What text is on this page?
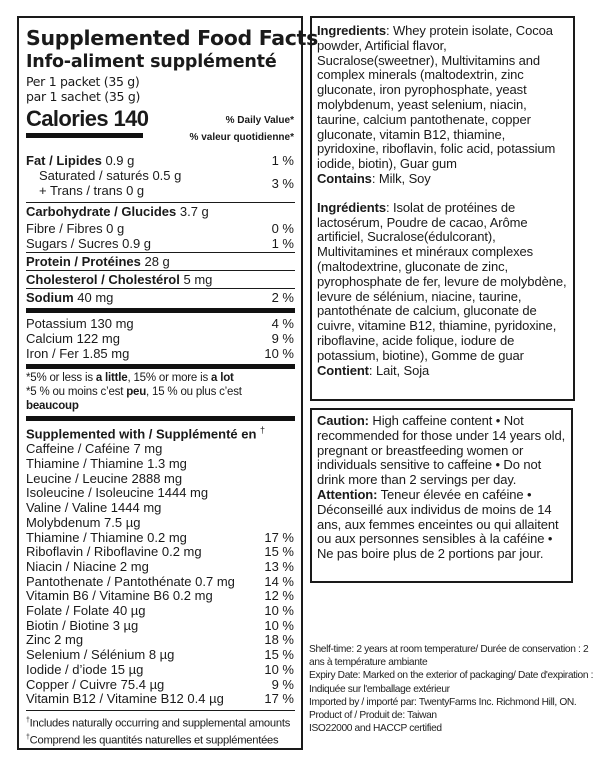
Supplemented Food Facts
Info-aliment supplémenté
Per 1 packet (35 g)
par 1 sachet (35 g)
Calories 140	% Daily Value*
% valeur quotidienne*
Fat / Lipides 0.9 g	1 %
Saturated / saturés 0.5 g
+ Trans / trans 0 g	3 %
Carbohydrate / Glucides 3.7 g
Fibre / Fibres 0 g	0 %
Sugars / Sucres 0.9 g	1 %
Protein / Protéines 28 g
Cholesterol / Cholestérol 5 mg
Sodium 40 mg	2 %
Potassium 130 mg	4 %
Calcium 122 mg	9 %
Iron / Fer 1.85 mg	10 %
*5% or less is a little, 15% or more is a lot
*5 % ou moins c’est peu, 15 % ou plus c’est beaucoup
Supplemented with / Supplémenté en †
Caffeine / Caféine 7 mg
Thiamine / Thiamine 1.3 mg
Leucine / Leucine 2888 mg
Isoleucine / Isoleucine 1444 mg
Valine / Valine 1444 mg
Molybdenum 7.5 µg
Thiamine / Thiamine 0.2 mg	17 %
Riboflavin / Riboflavine 0.2 mg	15 %
Niacin / Niacine 2 mg	13 %
Pantothenate / Pantothénate 0.7 mg 14 %
Vitamin B6 / Vitamine B6 0.2 mg	12 %
Folate / Folate 40 µg	10 %
Biotin / Biotine 3 µg	10 %
Zinc 2 mg	18 %
Selenium / Sélénium 8 µg	15 %
Iodide / d’iode 15 µg	10 %
Copper / Cuivre 75.4 µg	9 %
Vitamin B12 / Vitamine B12 0.4 µg	17 %
†Includes naturally occurring and supplemental amounts
†Comprend les quantités naturelles et supplémentées

Ingredients: Whey protein isolate, Cocoa powder, Artificial flavor, Sucralose(sweetner), Multivitamins and complex minerals (maltodextrin, zinc gluconate, iron pyrophosphate, yeast molybdenum, yeast selenium, niacin, taurine, calcium pantothenate, copper gluconate, vitamin B12, thiamine, pyridoxine, riboflavin, folic acid, potassium iodide, biotin), Guar gum

Contains: Milk, Soy

Ingrédients: Isolat de protéines de lactosérum, Poudre de cacao, Arôme artificiel, Sucralose(édulcorant), Multivitamines et minéraux complexes (maltodextrine, gluconate de zinc, pyrophosphate de fer, levure de molybdène, levure de sélénium, niacine, taurine, pantothénate de calcium, gluconate de cuivre, vitamine B12, thiamine, pyridoxine, riboflavine, acide folique, iodure de potassium, biotine), Gomme de guar

Contient: Lait, Soja

Caution: High caffeine content • Not recommended for those under 14 years old, pregnant or breastfeeding women or individuals sensitive to caffeine • Do not drink more than 2 servings per day.

Attention: Teneur élevée en caféine • Déconseillé aux individus de moins de 14 ans, aux femmes enceintes ou qui allaitent ou aux personnes sensibles à la caféine • Ne pas boire plus de 2 portions par jour.

Shelf-time: 2 years at room temperature/ Durée de conservation : 2 ans à température ambiante
Expiry Date: Marked on the exterior of packaging/ Date d'expiration : Indiquée sur l'emballage extérieur
Imported by / importé par: TwentyFarms Inc. Richmond Hill, ON.
Product of / Produit de: Taiwan
ISO22000 and HACCP certified
